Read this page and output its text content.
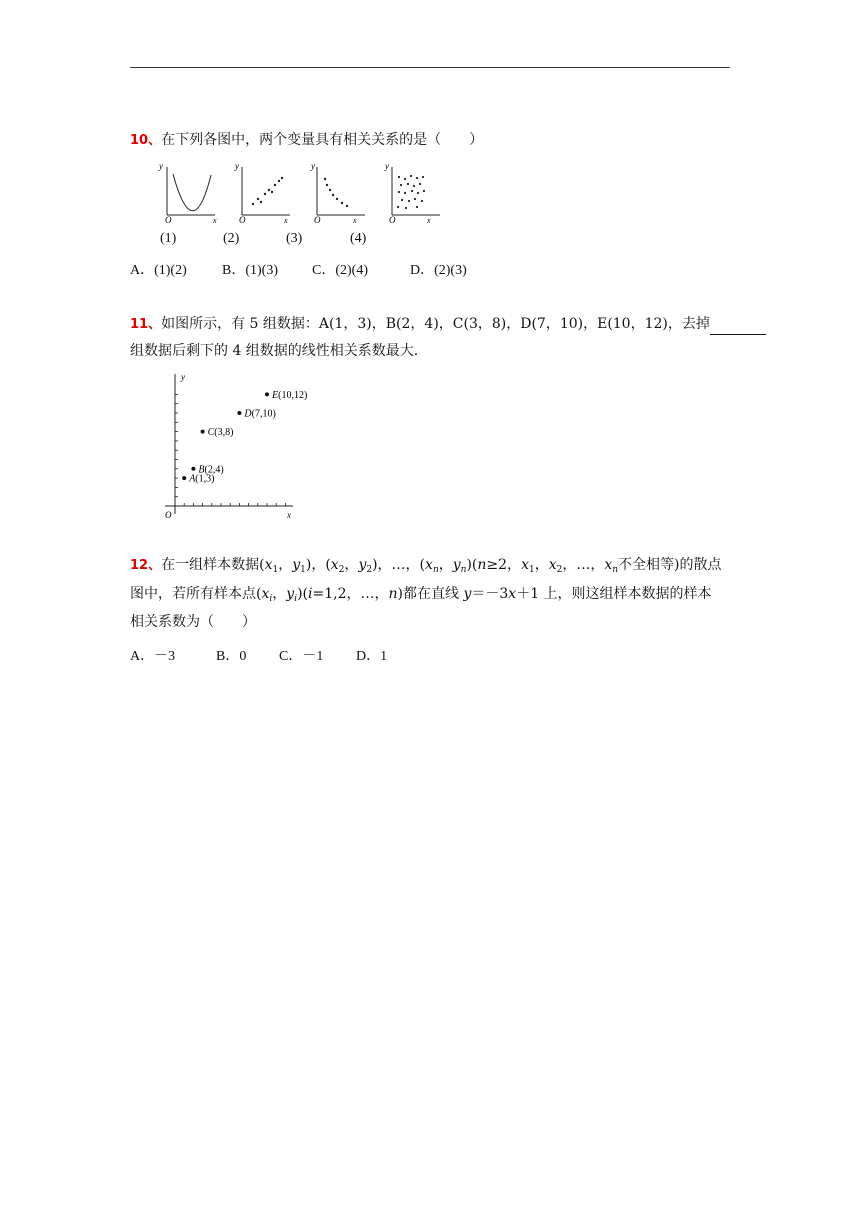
10、在下列各图中，两个变量具有相关关系的是（　　）
y
O	x
y
O	x
y
O	x
y
O	x
(1)	(2)	(3)	(4)
A．(1)(2)	B．(1)(3) C．(2)(4)	D．(2)(3)
11、如图所示，有 5 组数据：A(1，3)，B(2，4)，C(3，8)，D(7，10)，E(10，12)，去掉
组数据后剩下的 4 组数据的线性相关系数最大.
y
O	x
A(1,3)
B(2,4)
C(3,8)
D(7,10)
E(10,12)
12、在一组样本数据($x_1$，$y_1$)，($x_2$，$y_2$)，…，($x_n$，$y_n)(n\ge 2$，$x_1$，$x_2$，…，$x_n$不全相等)的散点
图中，若所有样本点($x_i$，$y_i)(i=1,2$，…，n)都在直线 y＝－3x＋1 上，则这组样本数据的样本
相关系数为（　　）
A．－3	B．0 C．－1 D．1
